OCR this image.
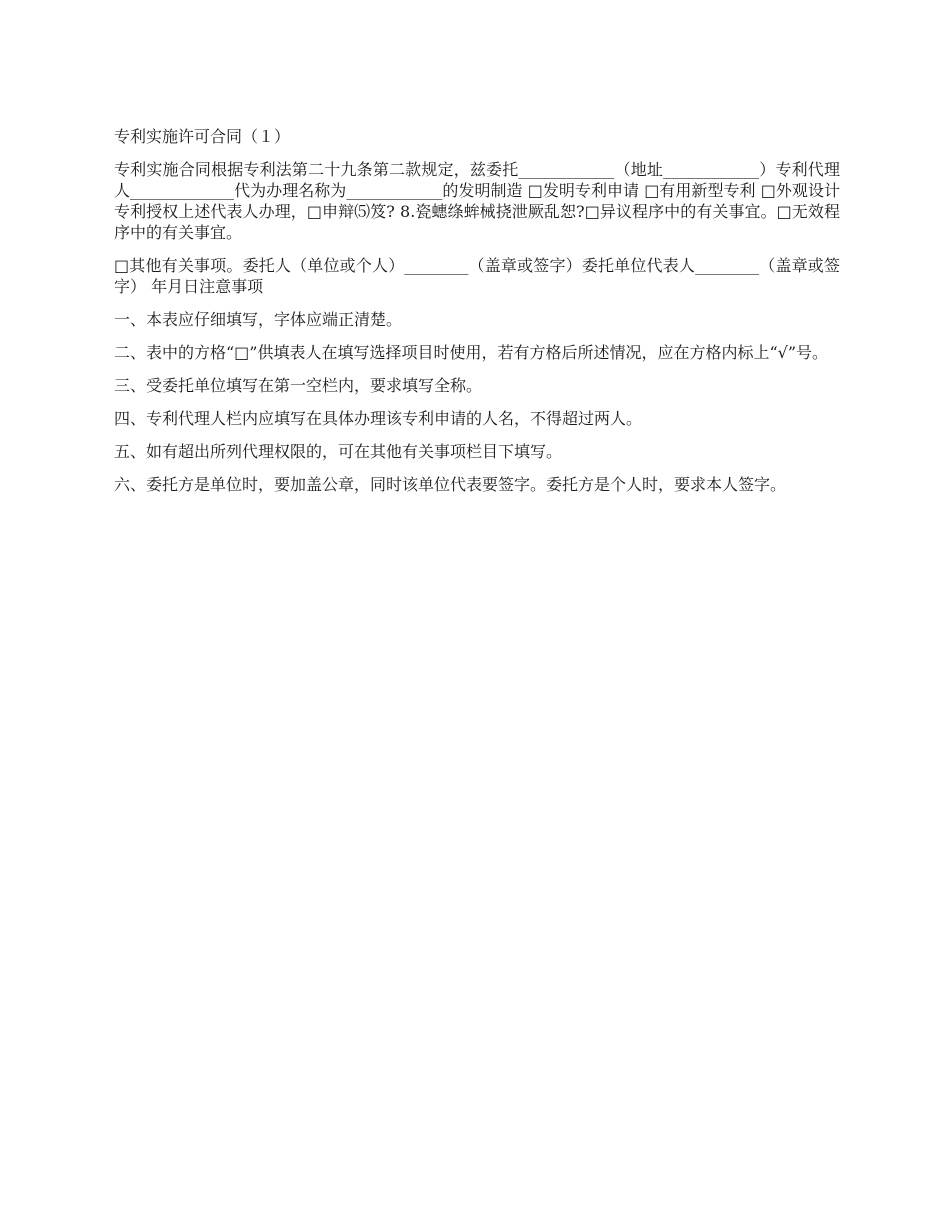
专利实施许可合同（１）

专利实施合同根据专利法第二十九条第二款规定，兹委托____________（地址____________）专利代理人_____________代为办理名称为____________的发明制造 □发明专利申请 □有用新型专利 □外观设计专利授权上述代表人办理，□申辩⑸笈? 8.瓷蟪绦蛑械挠泄厥乱恕?□异议程序中的有关事宜。□无效程序中的有关事宜。

□其他有关事项。委托人（单位或个人）________（盖章或签字）委托单位代表人________（盖章或签字） 年月日注意事项

一、本表应仔细填写，字体应端正清楚。

二、表中的方格“□”供填表人在填写选择项目时使用，若有方格后所述情况，应在方格内标上“√”号。

三、受委托单位填写在第一空栏内，要求填写全称。

四、专利代理人栏内应填写在具体办理该专利申请的人名，不得超过两人。

五、如有超出所列代理权限的，可在其他有关事项栏目下填写。

六、委托方是单位时，要加盖公章，同时该单位代表要签字。委托方是个人时，要求本人签字。
